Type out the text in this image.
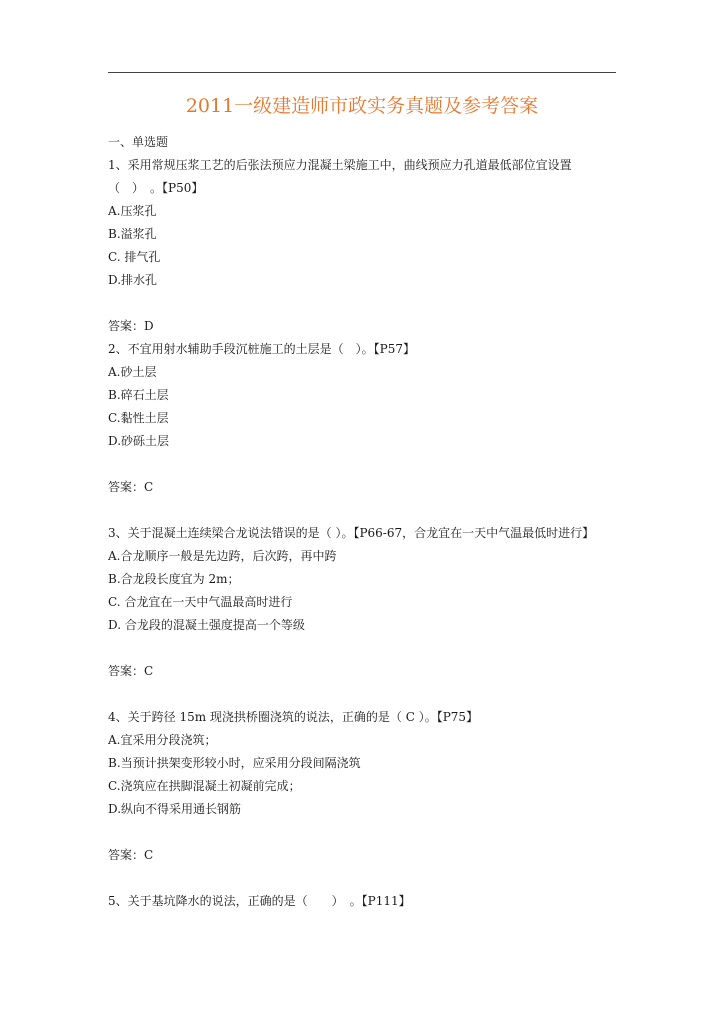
2011一级建造师市政实务真题及参考答案
一、单选题
1、采用常规压浆工艺的后张法预应力混凝土梁施工中，曲线预应力孔道最低部位宜设置
（　）　。【P50】
A.压浆孔
B.溢浆孔
C. 排气孔
D.排水孔
答案：D
2、不宜用射水辅助手段沉桩施工的土层是（　）。【P57】
A.砂土层
B.碎石土层
C.黏性土层
D.砂砾土层
答案：C
3、关于混凝土连续梁合龙说法错误的是（ ）。【P66-67，合龙宜在一天中气温最低时进行】
A.合龙顺序一般是先边跨，后次跨，再中跨
B.合龙段长度宜为 2m；
C. 合龙宜在一天中气温最高时进行
D. 合龙段的混凝土强度提高一个等级
答案：C
4、关于跨径 15m 现浇拱桥圈浇筑的说法，正确的是（ C ）。【P75】
A.宜采用分段浇筑；
B.当预计拱架变形较小时，应采用分段间隔浇筑
C.浇筑应在拱脚混凝土初凝前完成；
D.纵向不得采用通长钢筋
答案：C
5、关于基坑降水的说法，正确的是（　　）　。【P111】
